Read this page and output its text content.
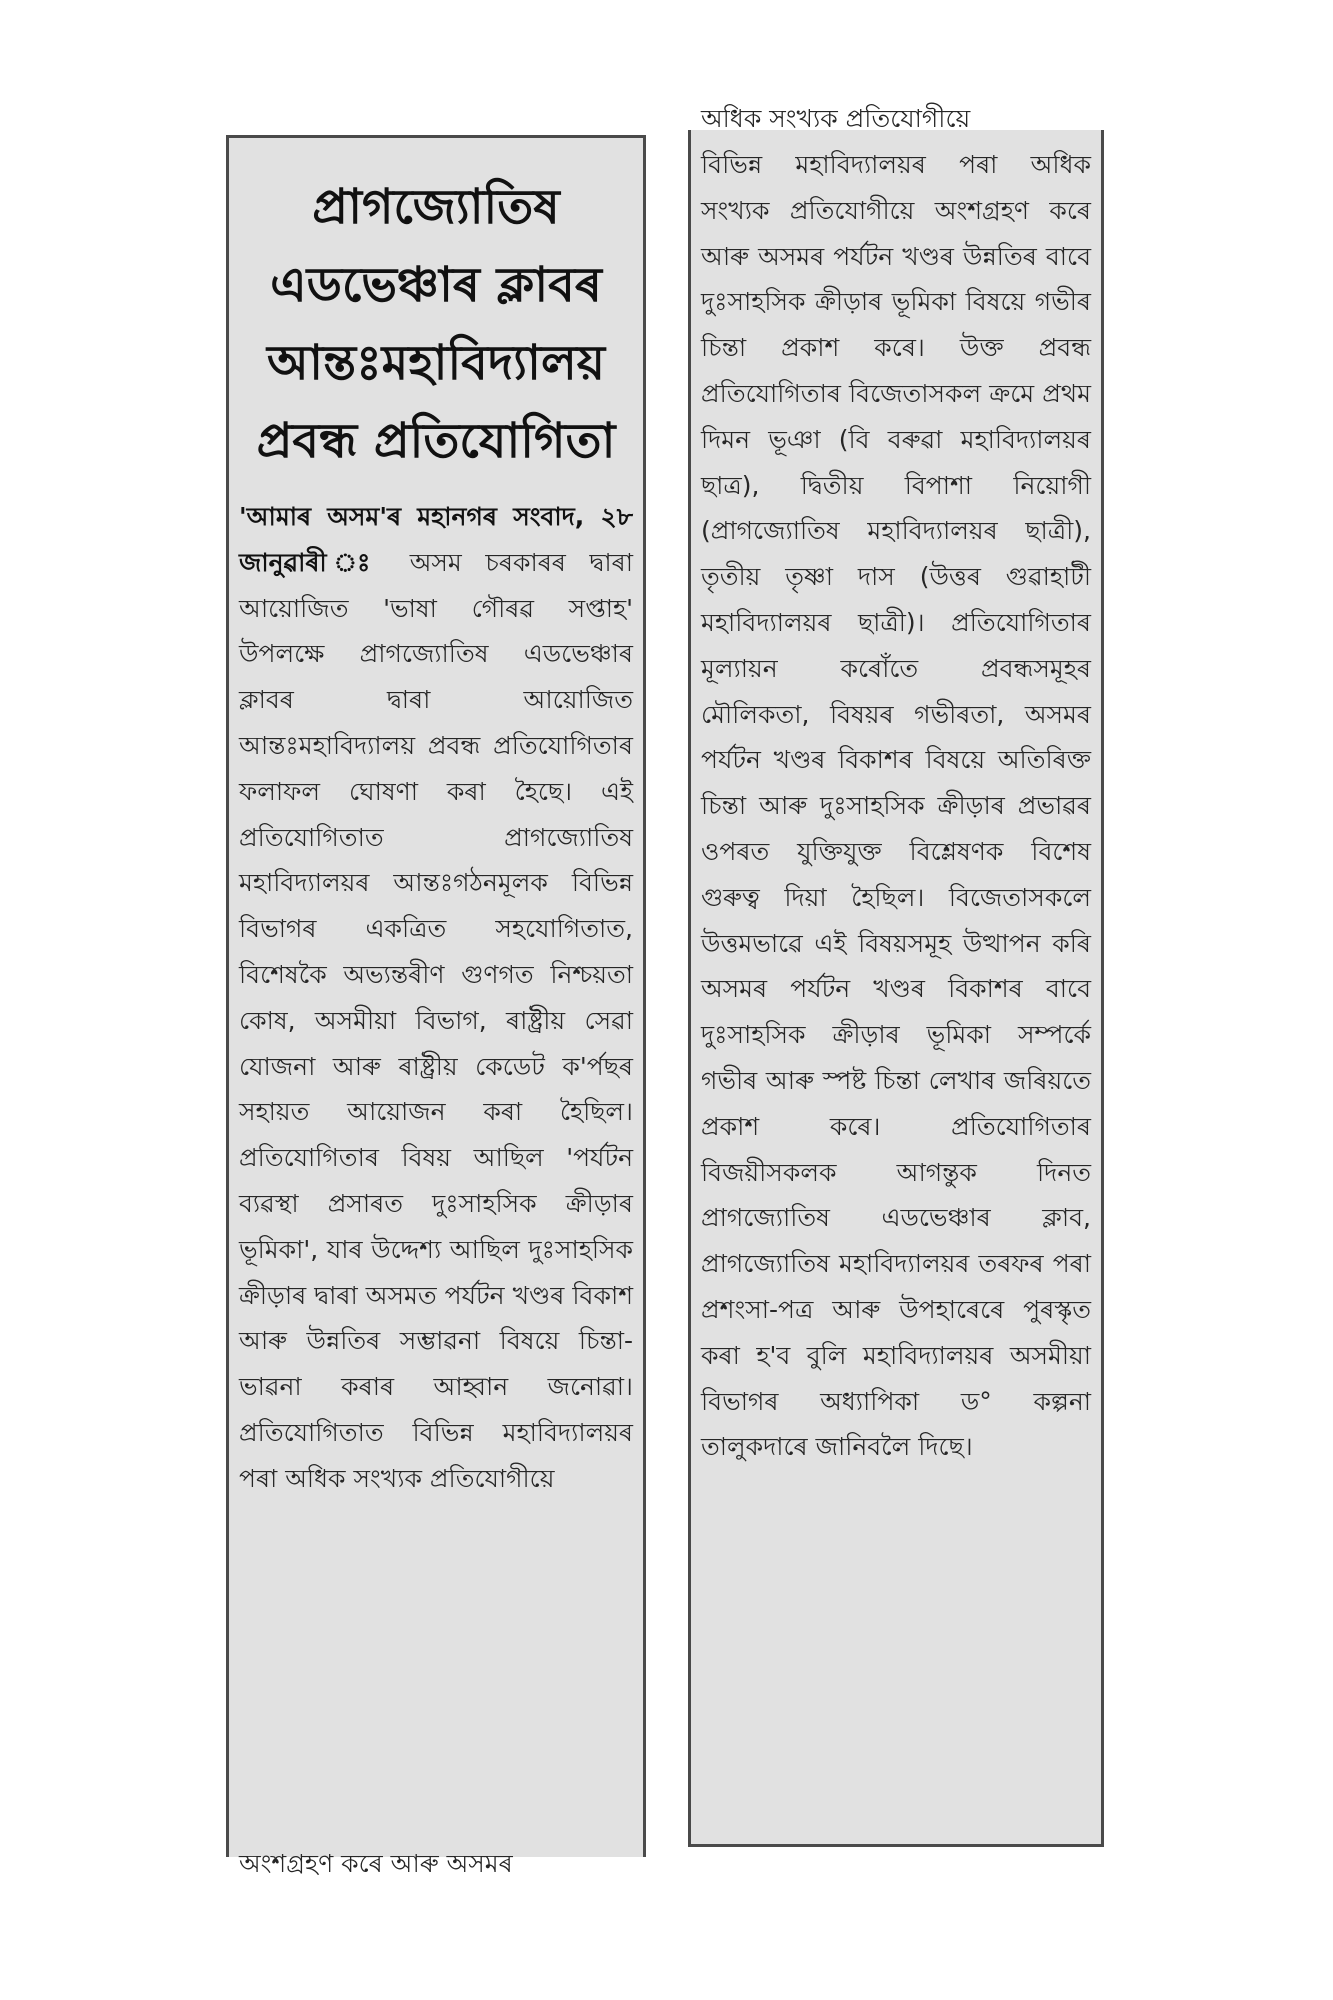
প্ৰাগজ্যোতিষ
এডভেঞ্চাৰ ক্লাবৰ
আন্তঃমহাবিদ্যালয়
প্ৰবন্ধ প্ৰতিযোগিতা

'আমাৰ অসম'ৰ মহানগৰ সংবাদ, ২৮ জানুৱাৰী ঃ অসম চৰকাৰৰ দ্বাৰা আয়োজিত 'ভাষা গৌৰৱ সপ্তাহ' উপলক্ষে প্ৰাগজ্যোতিষ এডভেঞ্চাৰ ক্লাবৰ দ্বাৰা আয়োজিত আন্তঃমহাবিদ্যালয় প্ৰবন্ধ প্ৰতিযোগিতাৰ ফলাফল ঘোষণা কৰা হৈছে। এই প্ৰতিযোগিতাত প্ৰাগজ্যোতিষ মহাবিদ্যালয়ৰ আন্তঃগঠনমূলক বিভিন্ন বিভাগৰ একত্ৰিত সহযোগিতাত, বিশেষকৈ অভ্যন্তৰীণ গুণগত নিশ্চয়তা কোষ, অসমীয়া বিভাগ, ৰাষ্ট্ৰীয় সেৱা যোজনা আৰু ৰাষ্ট্ৰীয় কেডেট ক'ৰ্পছৰ সহায়ত আয়োজন কৰা হৈছিল। প্ৰতিযোগিতাৰ বিষয় আছিল 'পৰ্যটন ব্যৱস্থা প্ৰসাৰত দুঃসাহসিক ক্ৰীড়াৰ ভূমিকা', যাৰ উদ্দেশ্য আছিল দুঃসাহসিক ক্ৰীড়াৰ দ্বাৰা অসমত পৰ্যটন খণ্ডৰ বিকাশ আৰু উন্নতিৰ সম্ভাৱনা বিষয়ে চিন্তা-ভাৱনা কৰাৰ আহ্বান জনোৱা। প্ৰতিযোগিতাত বিভিন্ন মহাবিদ্যালয়ৰ পৰা অধিক সংখ্যক প্ৰতিযোগীয়ে

অংশগ্ৰহণ কৰে আৰু অসমৰ
অধিক সংখ্যক প্ৰতিযোগীয়ে

বিভিন্ন মহাবিদ্যালয়ৰ পৰা অধিক সংখ্যক প্ৰতিযোগীয়ে অংশগ্ৰহণ কৰে আৰু অসমৰ পৰ্যটন খণ্ডৰ উন্নতিৰ বাবে দুঃসাহসিক ক্ৰীড়াৰ ভূমিকা বিষয়ে গভীৰ চিন্তা প্ৰকাশ কৰে। উক্ত প্ৰবন্ধ প্ৰতিযোগিতাৰ বিজেতাসকল ক্ৰমে প্ৰথম দিমন ভূঞা (বি বৰুৱা মহাবিদ্যালয়ৰ ছাত্ৰ), দ্বিতীয় বিপাশা নিয়োগী (প্ৰাগজ্যোতিষ মহাবিদ্যালয়ৰ ছাত্ৰী), তৃতীয় তৃষ্ণা দাস (উত্তৰ গুৱাহাটী মহাবিদ্যালয়ৰ ছাত্ৰী)। প্ৰতিযোগিতাৰ মূল্যায়ন কৰোঁতে প্ৰবন্ধসমূহৰ মৌলিকতা, বিষয়ৰ গভীৰতা, অসমৰ পৰ্যটন খণ্ডৰ বিকাশৰ বিষয়ে অতিৰিক্ত চিন্তা আৰু দুঃসাহসিক ক্ৰীড়াৰ প্ৰভাৱৰ ওপৰত যুক্তিযুক্ত বিশ্লেষণক বিশেষ গুৰুত্ব দিয়া হৈছিল। বিজেতাসকলে উত্তমভাৱে এই বিষয়সমূহ উত্থাপন কৰি অসমৰ পৰ্যটন খণ্ডৰ বিকাশৰ বাবে দুঃসাহসিক ক্ৰীড়াৰ ভূমিকা সম্পৰ্কে গভীৰ আৰু স্পষ্ট চিন্তা লেখাৰ জৰিয়তে প্ৰকাশ কৰে। প্ৰতিযোগিতাৰ বিজয়ীসকলক আগন্তুক দিনত প্ৰাগজ্যোতিষ এডভেঞ্চাৰ ক্লাব, প্ৰাগজ্যোতিষ মহাবিদ্যালয়ৰ তৰফৰ পৰা প্ৰশংসা-পত্ৰ আৰু উপহাৰেৰে পুৰস্কৃত কৰা হ'ব বুলি মহাবিদ্যালয়ৰ অসমীয়া বিভাগৰ অধ্যাপিকা ড° কল্পনা তালুকদাৰে জানিবলৈ দিছে।
